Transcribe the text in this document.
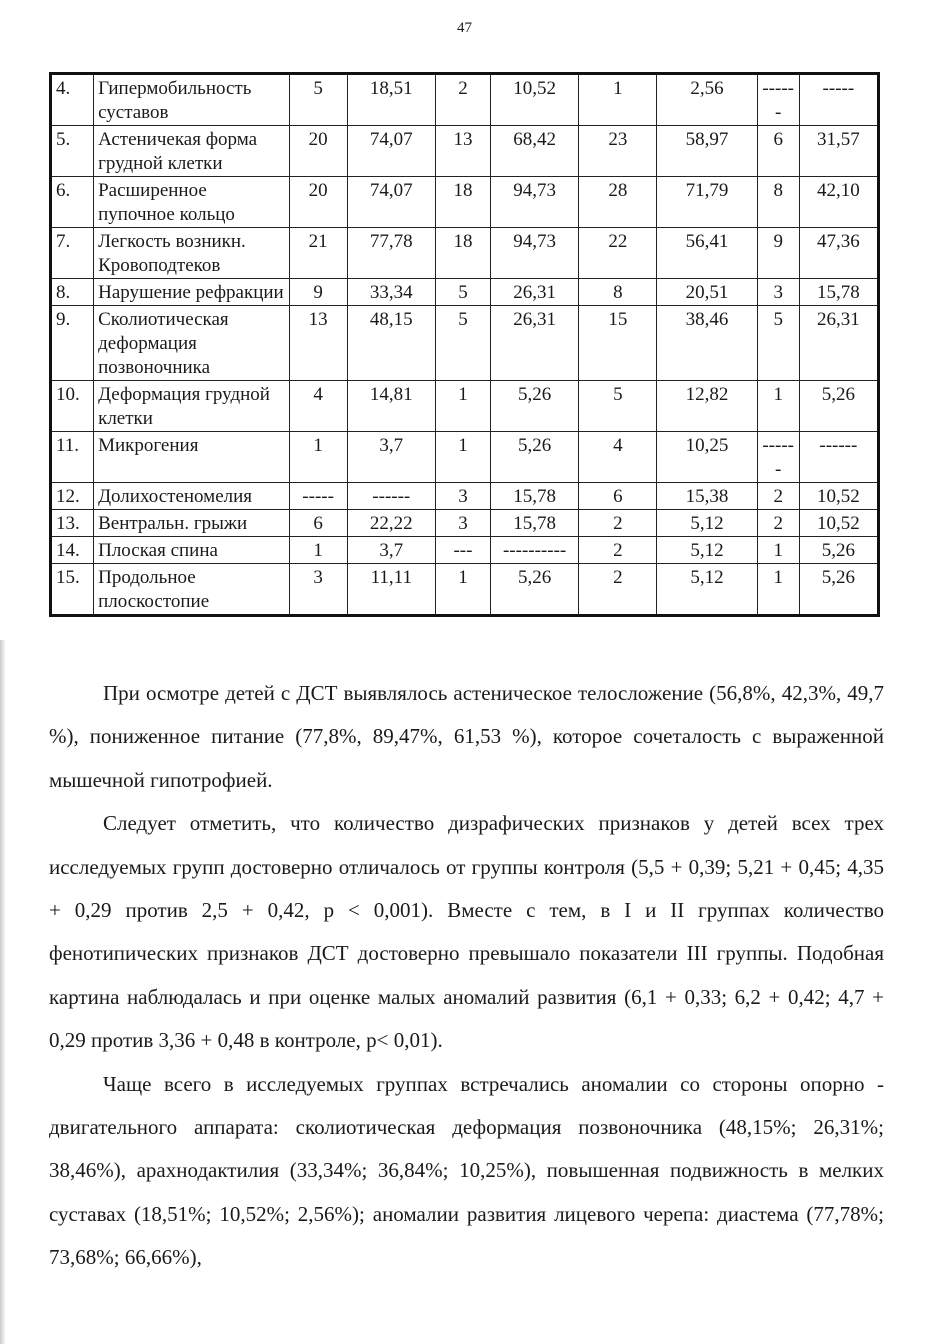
47
4.	Гипермобильность суставов	5	18,51	2	10,52	1	2,56	----- -	-----
5.	Астеничекая форма грудной клетки	20	74,07	13	68,42	23	58,97	6	31,57
6.	Расширенное пупочное кольцо	20	74,07	18	94,73	28	71,79	8	42,10
7.	Легкость возникн. Кровоподтеков	21	77,78	18	94,73	22	56,41	9	47,36
8.	Нарушение рефракции	9	33,34	5	26,31	8	20,51	3	15,78
9.	Сколиотическая деформация позвоночника	13	48,15	5	26,31	15	38,46	5	26,31
10.	Деформация грудной клетки	4	14,81	1	5,26	5	12,82	1	5,26
11.	Микрогения	1	3,7	1	5,26	4	10,25	----- -	------
12.	Долихостеномелия	-----	------	3	15,78	6	15,38	2	10,52
13.	Вентральн. грыжи	6	22,22	3	15,78	2	5,12	2	10,52
14.	Плоская спина	1	3,7	---	----------	2	5,12	1	5,26
15.	Продольное плоскостопие	3	11,11	1	5,26	2	5,12	1	5,26

При осмотре детей с ДСТ выявлялось астеническое телосложение (56,8%, 42,3%, 49,7 %), пониженное питание (77,8%, 89,47%, 61,53 %), которое сочеталость с выраженной мышечной гипотрофией.

Следует отметить, что количество дизрафических признаков у детей всех трех исследуемых групп достоверно отличалось от группы контроля (5,5 + 0,39; 5,21 + 0,45; 4,35 + 0,29 против 2,5 + 0,42, р < 0,001). Вместе с тем, в I и II группах количество фенотипических признаков ДСТ достоверно превышало показатели III группы. Подобная картина наблюдалась и при оценке малых аномалий развития (6,1 + 0,33; 6,2 + 0,42; 4,7 + 0,29 против 3,36 + 0,48 в контроле, р< 0,01).

Чаще всего в исследуемых группах встречались аномалии со стороны опорно - двигательного аппарата: сколиотическая деформация позвоночника (48,15%; 26,31%; 38,46%), арахнодактилия (33,34%; 36,84%; 10,25%), повышенная подвижность в мелких суставах (18,51%; 10,52%; 2,56%); аномалии развития лицевого черепа: диастема (77,78%; 73,68%; 66,66%),
